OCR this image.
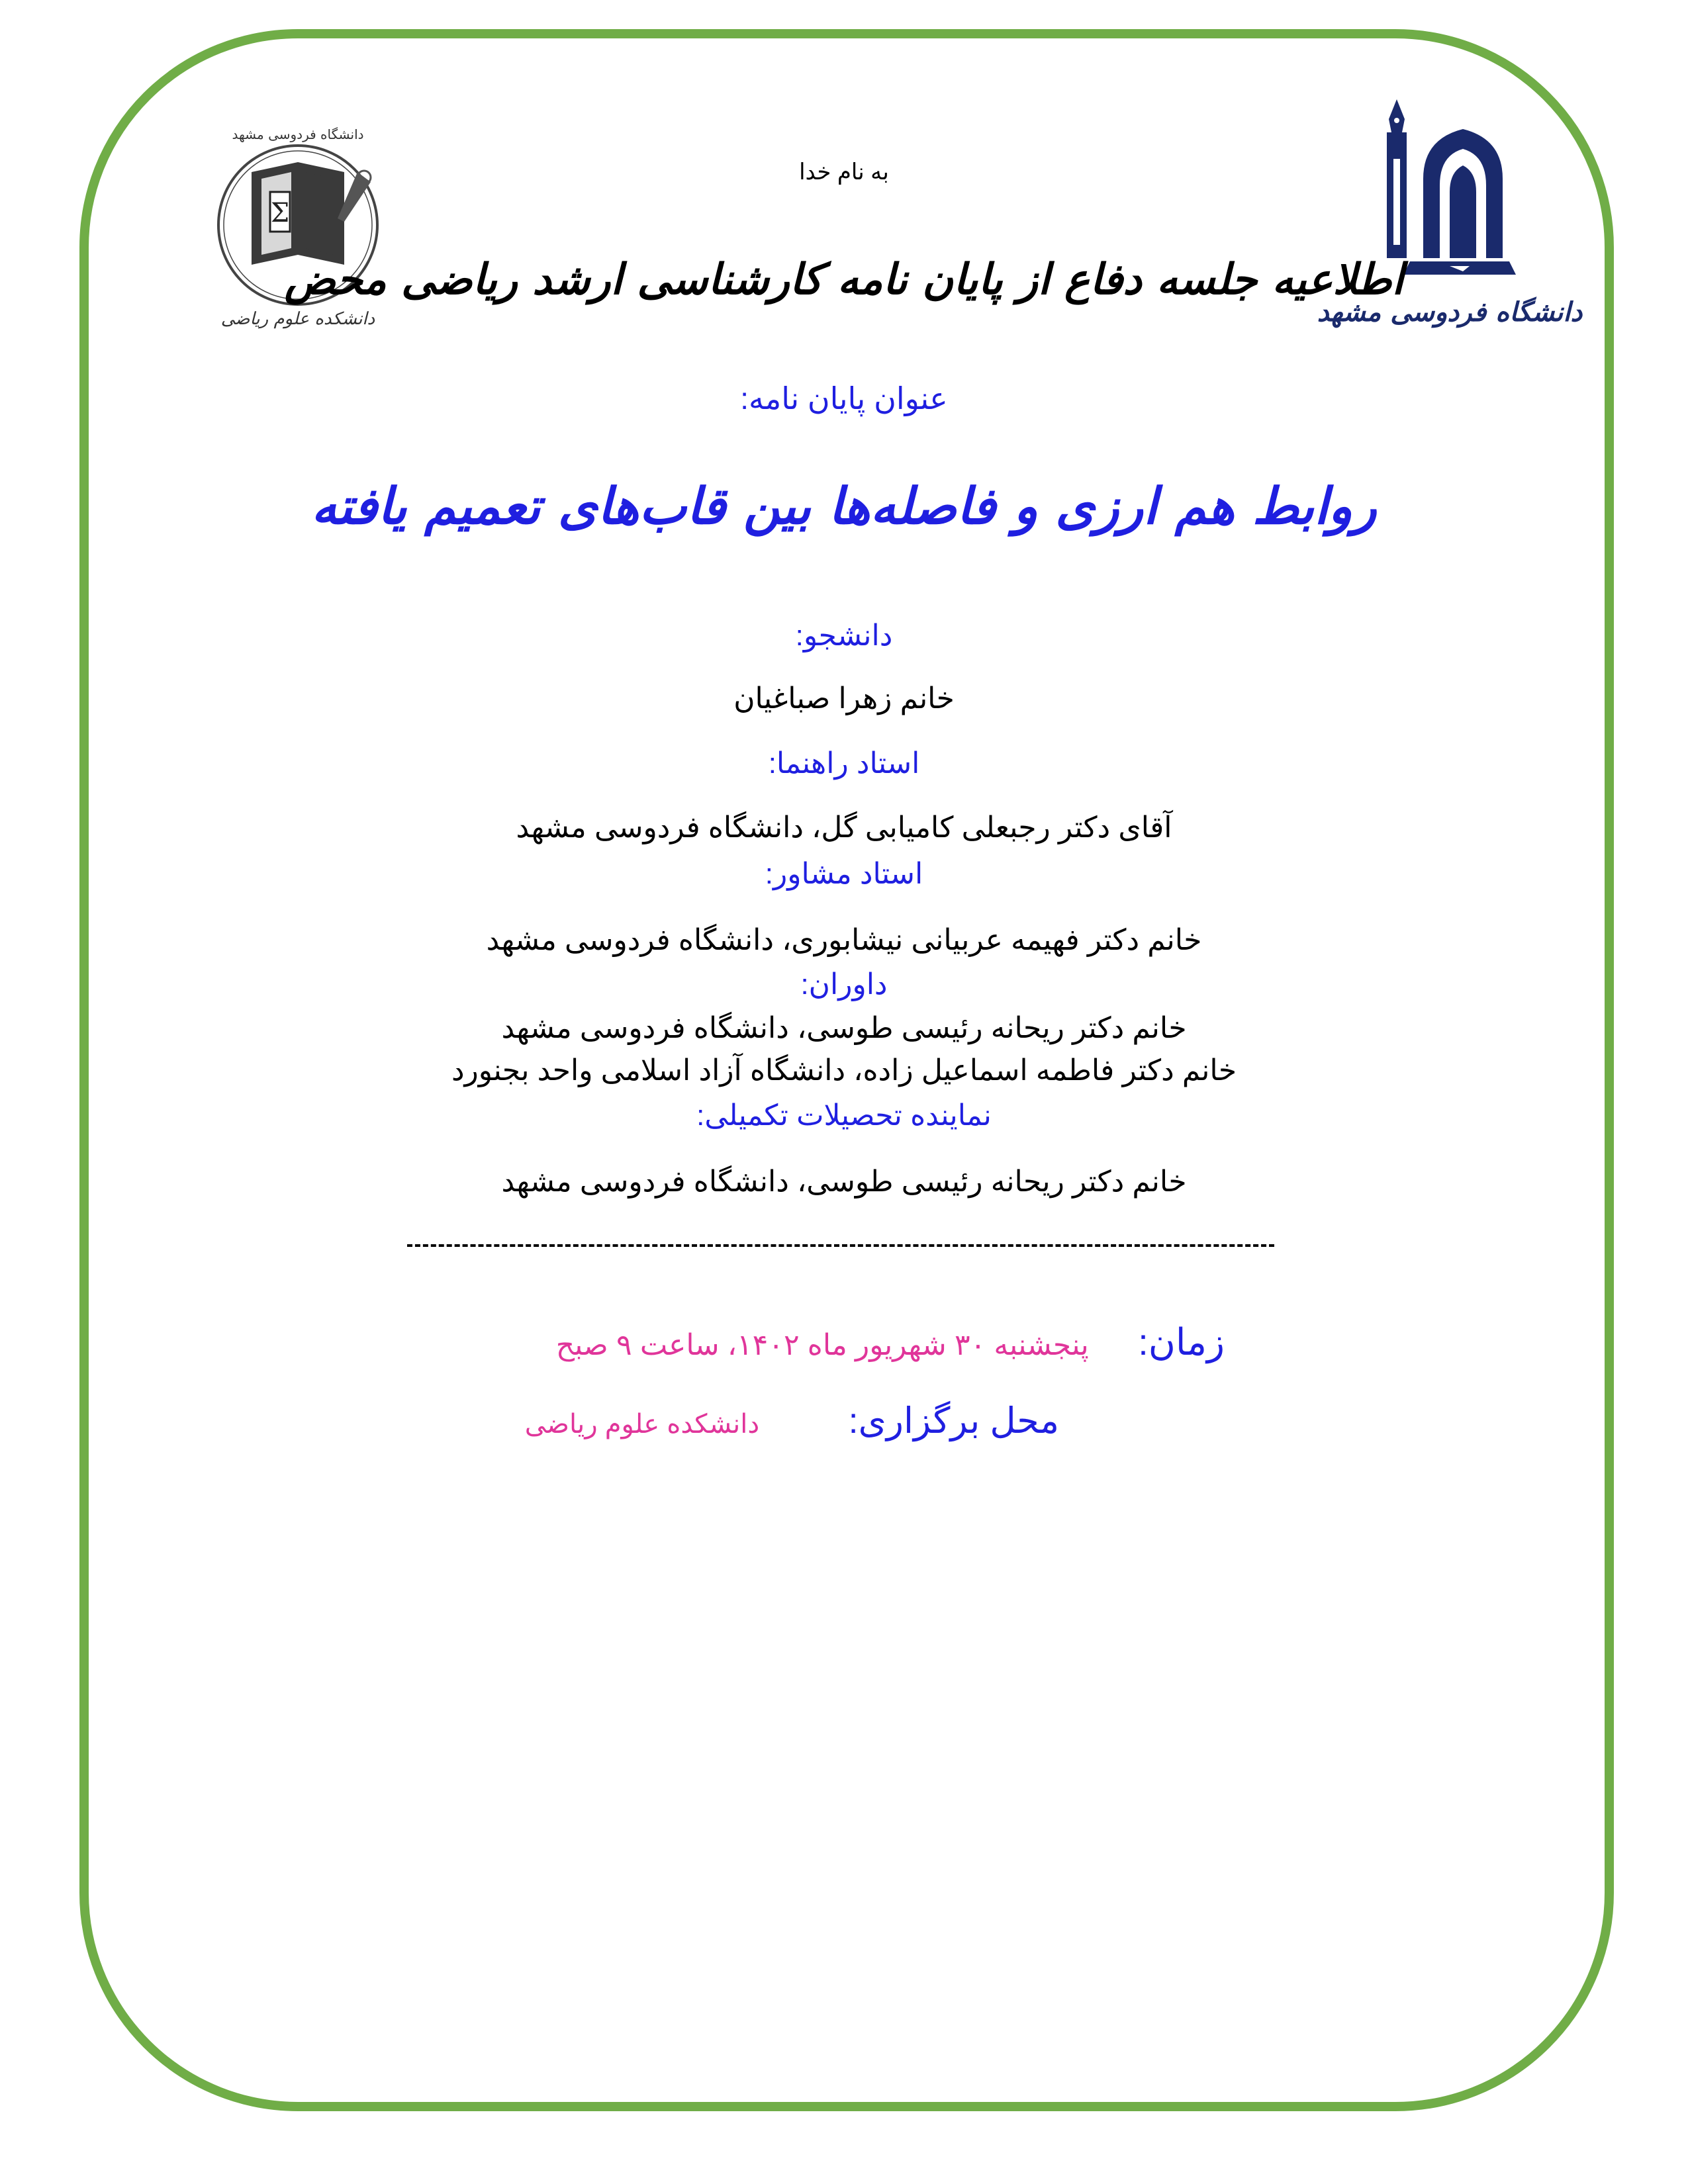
دانشگاه فردوسی مشهد
Σ
دانشگاه فردوسی مشهد
دانشکده علوم ریاضی
به نام خدا
اطلاعیه جلسه دفاع از پایان نامه کارشناسی ارشد ریاضی محض
عنوان پایان نامه:
روابط هم ارزی و فاصله‌ها بین قاب‌های تعمیم یافته
دانشجو:
خانم زهرا صباغیان
استاد راهنما:
آقای دکتر رجبعلی کامیابی گل، دانشگاه فردوسی مشهد
استاد مشاور:
خانم دکتر فهیمه عربیانی نیشابوری، دانشگاه فردوسی مشهد
داوران:
خانم دکتر ریحانه رئیسی طوسی، دانشگاه فردوسی مشهد
خانم دکتر فاطمه اسماعیل زاده، دانشگاه آزاد اسلامی واحد بجنورد
نماینده تحصیلات تکمیلی:
خانم دکتر ریحانه رئیسی طوسی، دانشگاه فردوسی مشهد
زمان: پنجشنبه ۳۰ شهریور ماه ۱۴۰۲، ساعت ۹ صبح
محل برگزاری: دانشکده علوم ریاضی
